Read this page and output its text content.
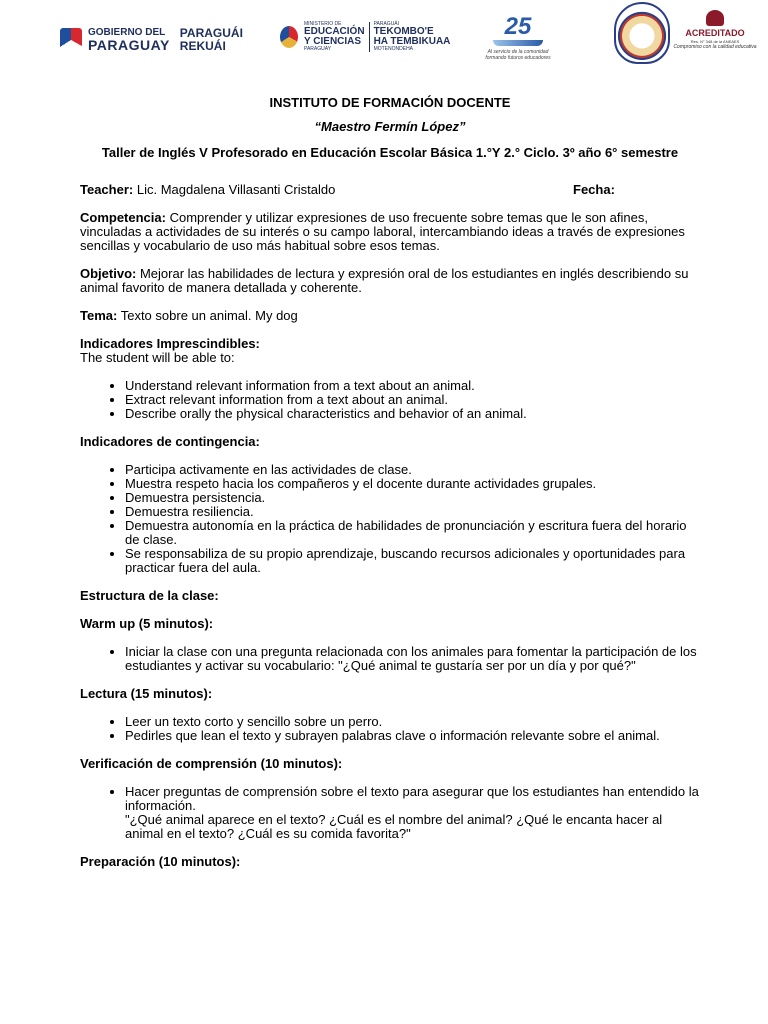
GOBIERNO DEL
PARAGUAY
PARAGUÁI
REKUÁI
MINISTERIO DE
EDUCACIÓN
Y CIENCIAS
PARAGUAY
PARAGUÁI
TEKOMBO'E
HA TEMBIKUAA
MOTENONDEHA
25
Al servicio de la comunidad formando futuros educadores
ACREDITADO
Res. N° 348 de la ANEAES
Compromiso con la calidad educativa

INSTITUTO DE FORMACIÓN DOCENTE

“Maestro Fermín López”

Taller de Inglés V Profesorado en Educación Escolar Básica 1.°Y 2.° Ciclo. 3º año 6° semestre

Teacher: Lic. Magdalena Villasanti Cristaldo	Fecha:

Competencia: Comprender y utilizar expresiones de uso frecuente sobre temas que le son afines, vinculadas a actividades de su interés o su campo laboral, intercambiando ideas a través de expresiones sencillas y vocabulario de uso más habitual sobre esos temas.

Objetivo: Mejorar las habilidades de lectura y expresión oral de los estudiantes en inglés describiendo su animal favorito de manera detallada y coherente.

Tema: Texto sobre un animal. My dog

Indicadores Imprescindibles:

The student will be able to:

• Understand relevant information from a text about an animal.
• Extract relevant information from a text about an animal.
• Describe orally the physical characteristics and behavior of an animal.

Indicadores de contingencia:

• Participa activamente en las actividades de clase.
• Muestra respeto hacia los compañeros y el docente durante actividades grupales.
• Demuestra persistencia.
• Demuestra resiliencia.
• Demuestra autonomía en la práctica de habilidades de pronunciación y escritura fuera del horario de clase.
• Se responsabiliza de su propio aprendizaje, buscando recursos adicionales y oportunidades para practicar fuera del aula.

Estructura de la clase:

Warm up (5 minutos):

• Iniciar la clase con una pregunta relacionada con los animales para fomentar la participación de los estudiantes y activar su vocabulario: "¿Qué animal te gustaría ser por un día y por qué?"

Lectura (15 minutos):

• Leer un texto corto y sencillo sobre un perro.
• Pedirles que lean el texto y subrayen palabras clave o información relevante sobre el animal.

Verificación de comprensión (10 minutos):

• Hacer preguntas de comprensión sobre el texto para asegurar que los estudiantes han entendido la información.
"¿Qué animal aparece en el texto? ¿Cuál es el nombre del animal? ¿Qué le encanta hacer al animal en el texto? ¿Cuál es su comida favorita?"

Preparación (10 minutos):
